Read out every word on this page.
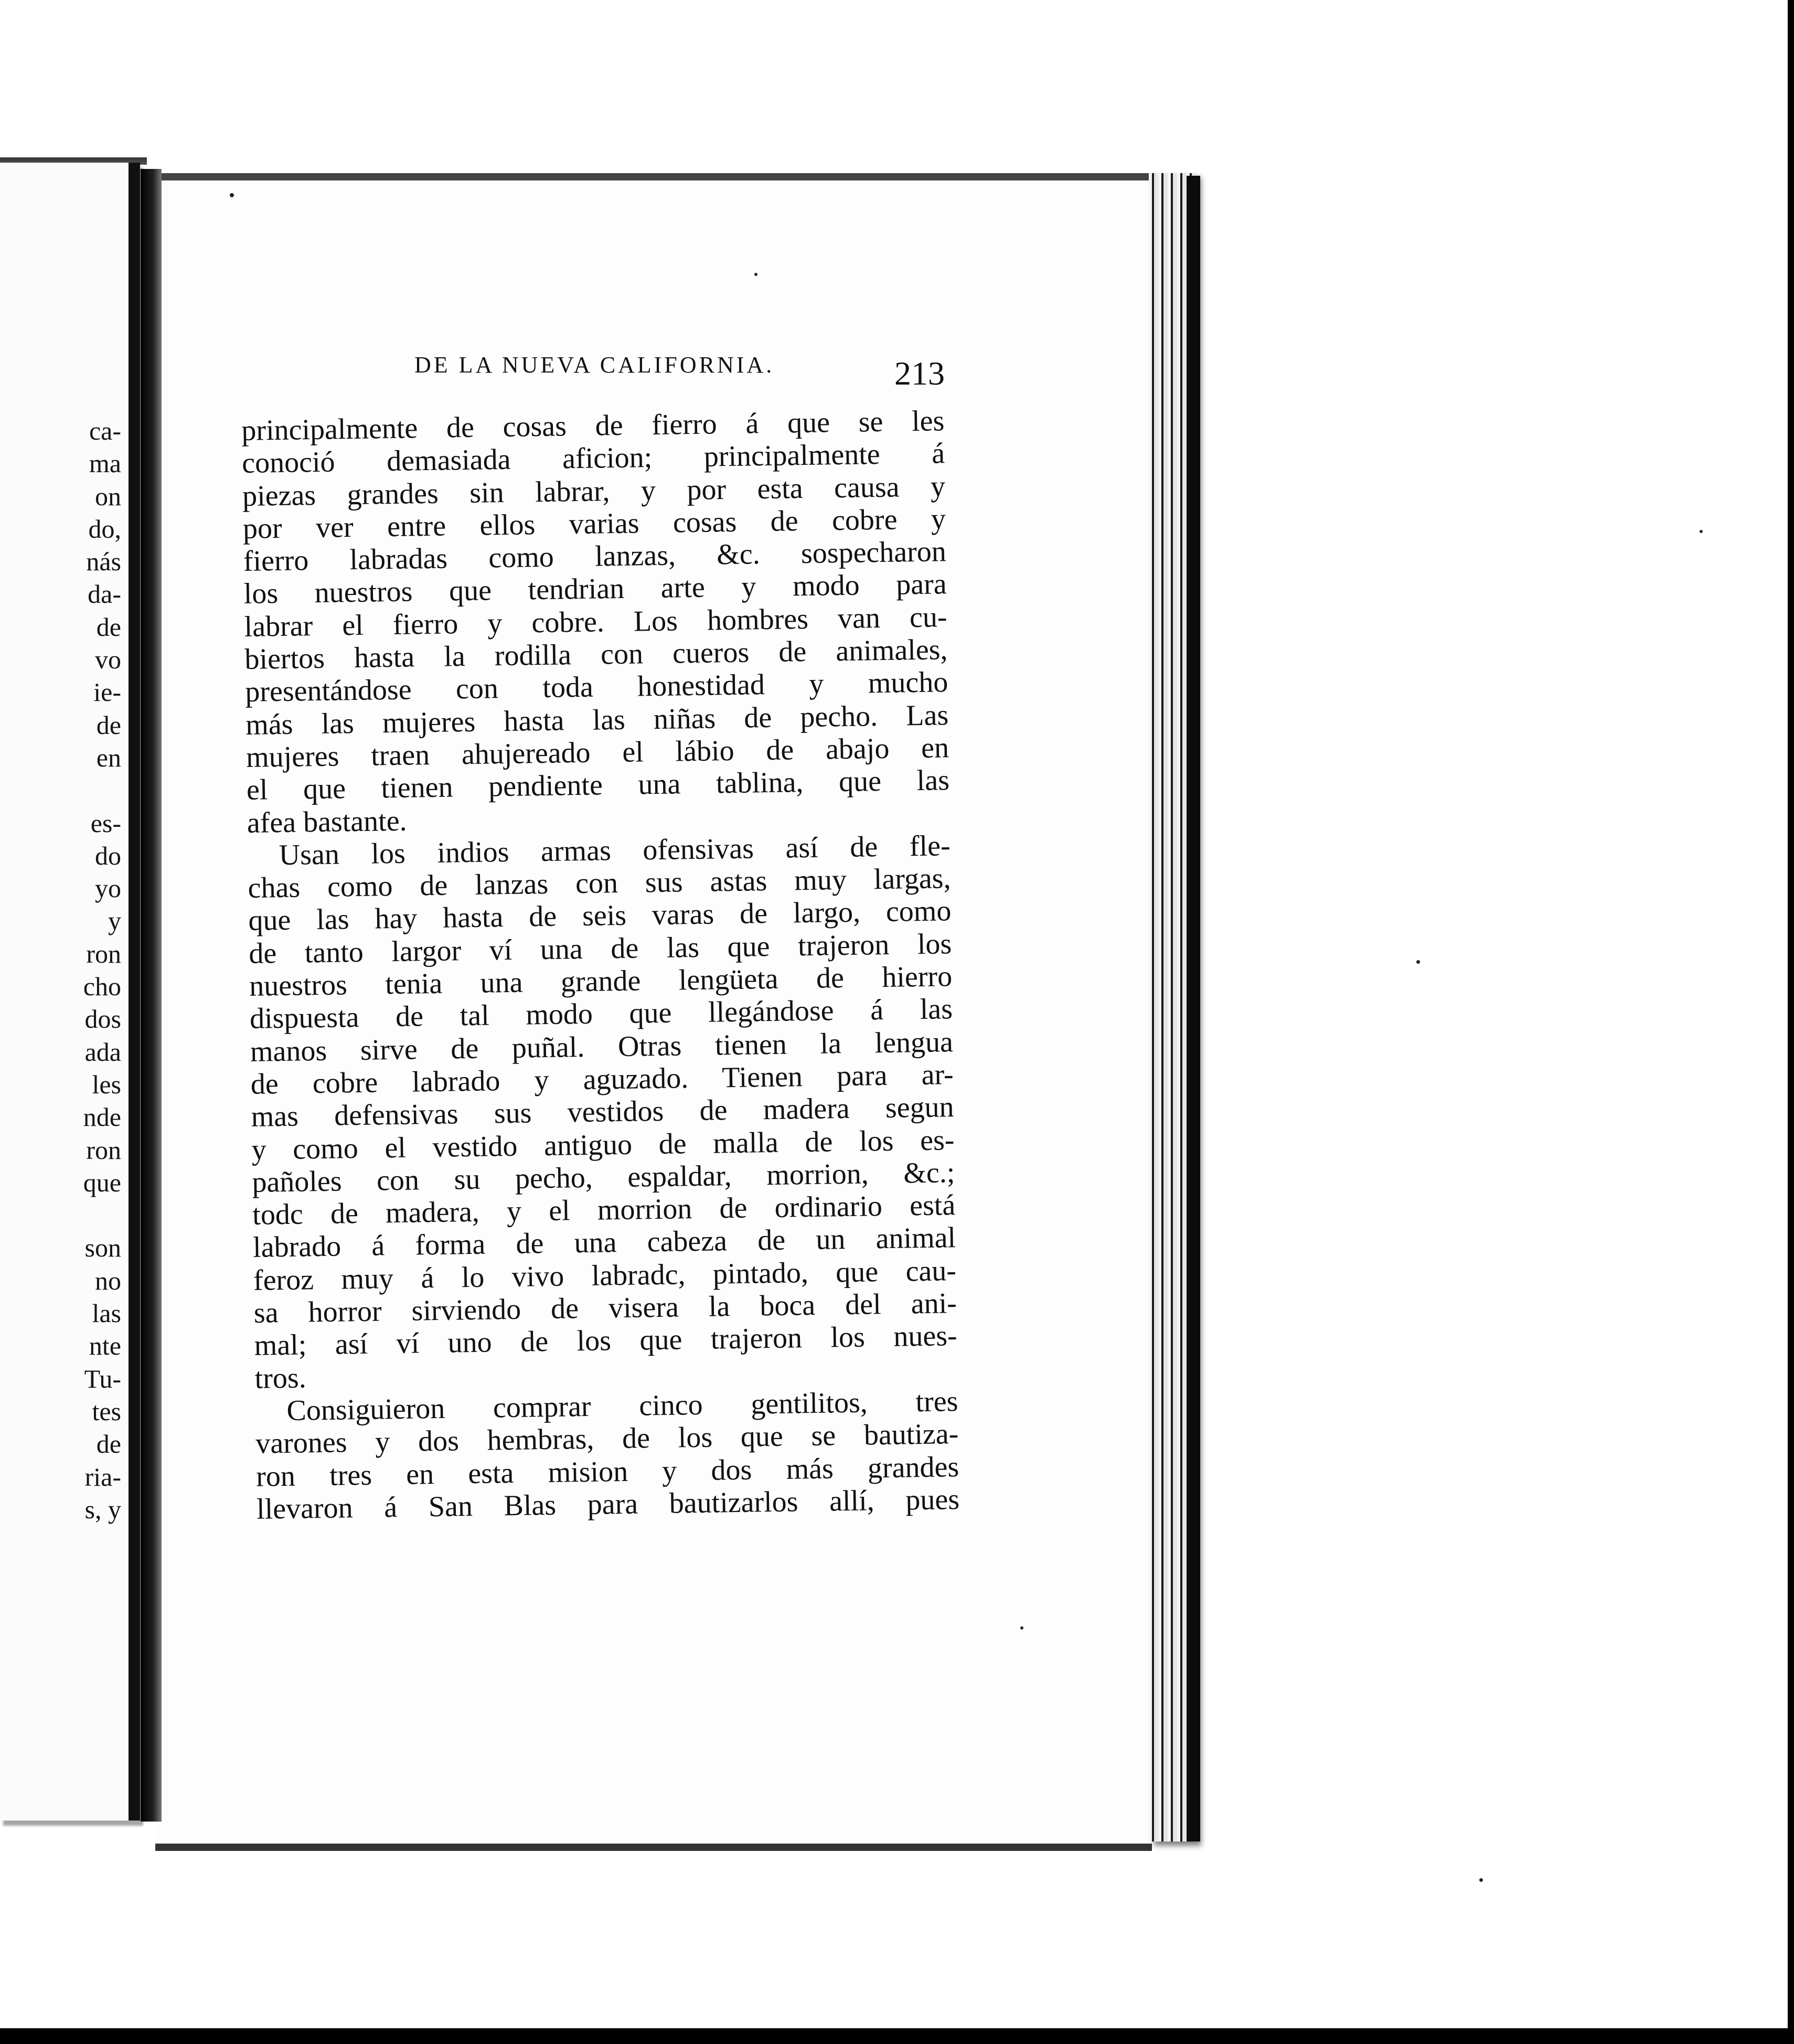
ca-
ma
on
do,
nás
da-
de
vo
ie-
de
en
es-
do
yo
y
ron
cho
dos
ada
les
nde
ron
que
son
no
las
nte
Tu-
tes
de
ria-
s, y
DE LA NUEVA CALIFORNIA.	213
principalmente de cosas de fierro á que se les
conoció demasiada aficion; principalmente á
piezas grandes sin labrar, y por esta causa y
por ver entre ellos varias cosas de cobre y
fierro labradas como lanzas, &c. sospecharon
los nuestros que tendrian arte y modo para
labrar el fierro y cobre. Los hombres van cu-
biertos hasta la rodilla con cueros de animales,
presentándose con toda honestidad y mucho
más las mujeres hasta las niñas de pecho. Las
mujeres traen ahujereado el lábio de abajo en
el que tienen pendiente una tablina, que las
afea bastante.
Usan los indios armas ofensivas así de fle-
chas como de lanzas con sus astas muy largas,
que las hay hasta de seis varas de largo, como
de tanto largor ví una de las que trajeron los
nuestros tenia una grande lengüeta de hierro
dispuesta de tal modo que llegándose á las
manos sirve de puñal. Otras tienen la lengua
de cobre labrado y aguzado. Tienen para ar-
mas defensivas sus vestidos de madera segun
y como el vestido antiguo de malla de los es-
pañoles con su pecho, espaldar, morrion, &c.;
todc de madera, y el morrion de ordinario está
labrado á forma de una cabeza de un animal
feroz muy á lo vivo labradc, pintado, que cau-
sa horror sirviendo de visera la boca del ani-
mal; así ví uno de los que trajeron los nues-
tros.
Consiguieron comprar cinco gentilitos, tres
varones y dos hembras, de los que se bautiza-
ron tres en esta mision y dos más grandes
llevaron á San Blas para bautizarlos allí, pues
